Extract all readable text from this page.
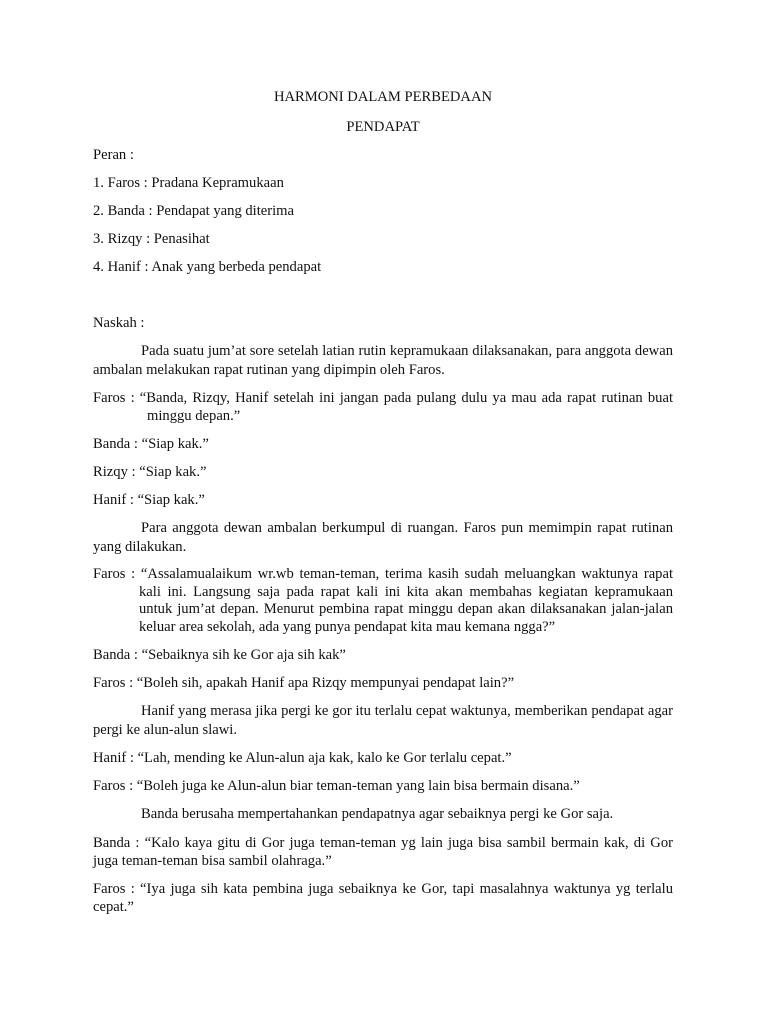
HARMONI DALAM PERBEDAAN
PENDAPAT
Peran :
1. Faros : Pradana Kepramukaan
2. Banda : Pendapat yang diterima
3. Rizqy : Penasihat
4. Hanif : Anak yang berbeda pendapat
Naskah :

Pada suatu jum’at sore setelah latian rutin kepramukaan dilaksanakan, para anggota dewan ambalan melakukan rapat rutinan yang dipimpin oleh Faros.

Faros : “Banda, Rizqy, Hanif setelah ini jangan pada pulang dulu ya mau ada rapat rutinan buat minggu depan.”

Banda : “Siap kak.”

Rizqy : “Siap kak.”

Hanif : “Siap kak.”

Para anggota dewan ambalan berkumpul di ruangan. Faros pun memimpin rapat rutinan yang dilakukan.

Faros : “Assalamualaikum wr.wb teman-teman, terima kasih sudah meluangkan waktunya rapat kali ini. Langsung saja pada rapat kali ini kita akan membahas kegiatan kepramukaan untuk jum’at depan. Menurut pembina rapat minggu depan akan dilaksanakan jalan-jalan keluar area sekolah, ada yang punya pendapat kita mau kemana ngga?”

Banda : “Sebaiknya sih ke Gor aja sih kak”

Faros : “Boleh sih, apakah Hanif apa Rizqy mempunyai pendapat lain?”

Hanif yang merasa jika pergi ke gor itu terlalu cepat waktunya, memberikan pendapat agar pergi ke alun-alun slawi.

Hanif : “Lah, mending ke Alun-alun aja kak, kalo ke Gor terlalu cepat.”

Faros : “Boleh juga ke Alun-alun biar teman-teman yang lain bisa bermain disana.”

Banda berusaha mempertahankan pendapatnya agar sebaiknya pergi ke Gor saja.

Banda : “Kalo kaya gitu di Gor juga teman-teman yg lain juga bisa sambil bermain kak, di Gor juga teman-teman bisa sambil olahraga.”

Faros : “Iya juga sih kata pembina juga sebaiknya ke Gor, tapi masalahnya waktunya yg terlalu cepat.”
